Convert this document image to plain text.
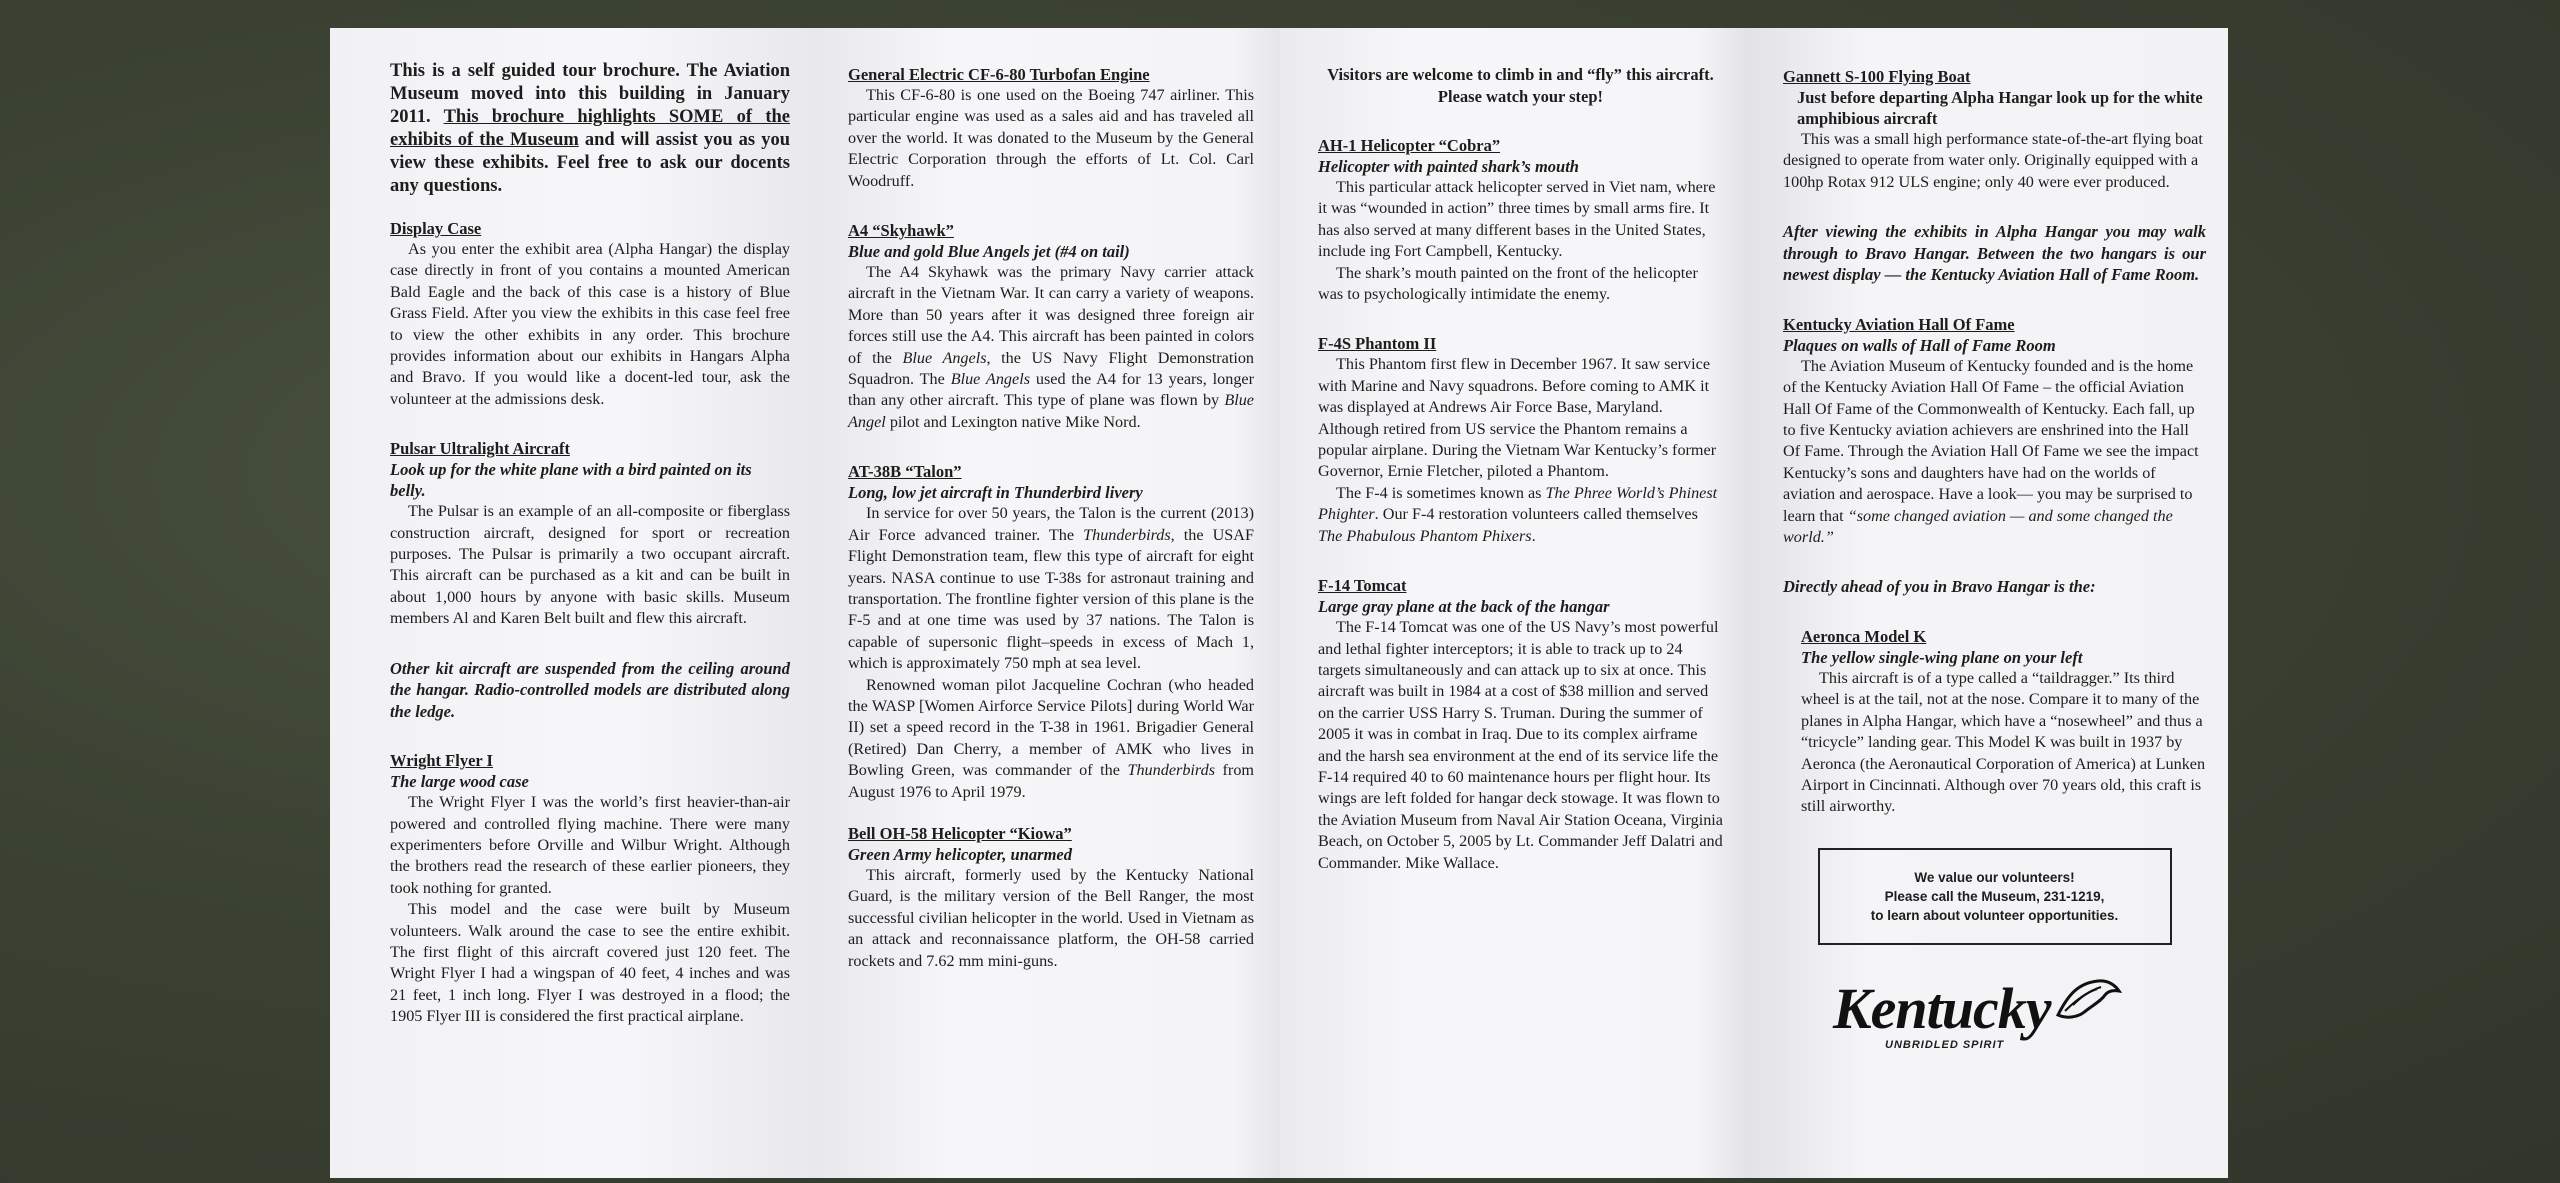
This is a self guided tour brochure. The Aviation Museum moved into this building in January 2011. This brochure highlights SOME of the exhibits of the Museum and will assist you as you view these exhibits. Feel free to ask our docents any questions.

Display Case

As you enter the exhibit area (Alpha Hangar) the display case directly in front of you contains a mounted American Bald Eagle and the back of this case is a history of Blue Grass Field. After you view the exhibits in this case feel free to view the other exhibits in any order. This brochure provides information about our exhibits in Hangars Alpha and Bravo. If you would like a docent-led tour, ask the volunteer at the admissions desk.

Pulsar Ultralight Aircraft

Look up for the white plane with a bird painted on its belly.

The Pulsar is an example of an all-composite or fiberglass construction aircraft, designed for sport or recreation purposes. The Pulsar is primarily a two occupant aircraft. This aircraft can be purchased as a kit and can be built in about 1,000 hours by anyone with basic skills. Museum members Al and Karen Belt built and flew this aircraft.

Other kit aircraft are suspended from the ceiling around the hangar. Radio-controlled models are distributed along the ledge.

Wright Flyer I

The large wood case

The Wright Flyer I was the world’s first heavier-than-air powered and controlled flying machine. There were many experimenters before Orville and Wilbur Wright. Although the brothers read the research of these earlier pioneers, they took nothing for granted.

This model and the case were built by Museum volunteers. Walk around the case to see the entire exhibit. The first flight of this aircraft covered just 120 feet. The Wright Flyer I had a wingspan of 40 feet, 4 inches and was 21 feet, 1 inch long. Flyer I was destroyed in a flood; the 1905 Flyer III is considered the first practical airplane.

General Electric CF-6-80 Turbofan Engine

This CF-6-80 is one used on the Boeing 747 airliner. This particular engine was used as a sales aid and has traveled all over the world. It was donated to the Museum by the General Electric Corporation through the efforts of Lt. Col. Carl Woodruff.

A4 “Skyhawk”

Blue and gold Blue Angels jet (#4 on tail)

The A4 Skyhawk was the primary Navy carrier attack aircraft in the Vietnam War. It can carry a variety of weapons. More than 50 years after it was designed three foreign air forces still use the A4. This aircraft has been painted in colors of the Blue Angels, the US Navy Flight Demonstration Squadron. The Blue Angels used the A4 for 13 years, longer than any other aircraft. This type of plane was flown by Blue Angel pilot and Lexington native Mike Nord.

AT-38B “Talon”

Long, low jet aircraft in Thunderbird livery

In service for over 50 years, the Talon is the current (2013) Air Force advanced trainer. The Thunderbirds, the USAF Flight Demonstration team, flew this type of aircraft for eight years. NASA continue to use T-38s for astronaut training and transportation. The frontline fighter version of this plane is the F-5 and at one time was used by 37 nations. The Talon is capable of supersonic flight–speeds in excess of Mach 1, which is approximately 750 mph at sea level.

Renowned woman pilot Jacqueline Cochran (who headed the WASP [Women Airforce Service Pilots] during World War II) set a speed record in the T-38 in 1961. Brigadier General (Retired) Dan Cherry, a member of AMK who lives in Bowling Green, was commander of the Thunderbirds from August 1976 to April 1979.

Bell OH-58 Helicopter “Kiowa”

Green Army helicopter, unarmed

This aircraft, formerly used by the Kentucky National Guard, is the military version of the Bell Ranger, the most successful civilian helicopter in the world. Used in Vietnam as an attack and reconnaissance platform, the OH-58 carried rockets and 7.62 mm mini-guns.

Visitors are welcome to climb in and “fly” this aircraft. Please watch your step!

AH-1 Helicopter “Cobra”

Helicopter with painted shark’s mouth

This particular attack helicopter served in Viet nam, where it was “wounded in action” three times by small arms fire. It has also served at many different bases in the United States, include ing Fort Campbell, Kentucky.

The shark’s mouth painted on the front of the helicopter was to psychologically intimidate the enemy.

F-4S Phantom II

This Phantom first flew in December 1967. It saw service with Marine and Navy squadrons. Before coming to AMK it was displayed at Andrews Air Force Base, Maryland. Although retired from US service the Phantom remains a popular airplane. During the Vietnam War Kentucky’s former Governor, Ernie Fletcher, piloted a Phantom.

The F-4 is sometimes known as The Phree World’s Phinest Phighter. Our F-4 restoration volunteers called themselves The Phabulous Phantom Phixers.

F-14 Tomcat

Large gray plane at the back of the hangar

The F-14 Tomcat was one of the US Navy’s most powerful and lethal fighter interceptors; it is able to track up to 24 targets simultaneously and can attack up to six at once. This aircraft was built in 1984 at a cost of $38 million and served on the carrier USS Harry S. Truman. During the summer of 2005 it was in combat in Iraq. Due to its complex airframe and the harsh sea environment at the end of its service life the F-14 required 40 to 60 maintenance hours per flight hour. Its wings are left folded for hangar deck stowage. It was flown to the Aviation Museum from Naval Air Station Oceana, Virginia Beach, on October 5, 2005 by Lt. Commander Jeff Dalatri and Commander. Mike Wallace.

Gannett S-100 Flying Boat

Just before departing Alpha Hangar look up for the white amphibious aircraft

This was a small high performance state-of-the-art flying boat designed to operate from water only. Originally equipped with a 100hp Rotax 912 ULS engine; only 40 were ever produced.

After viewing the exhibits in Alpha Hangar you may walk through to Bravo Hangar. Between the two hangars is our newest display — the Kentucky Aviation Hall of Fame Room.

Kentucky Aviation Hall Of Fame

Plaques on walls of Hall of Fame Room

The Aviation Museum of Kentucky founded and is the home of the Kentucky Aviation Hall Of Fame – the official Aviation Hall Of Fame of the Commonwealth of Kentucky. Each fall, up to five Kentucky aviation achievers are enshrined into the Hall Of Fame. Through the Aviation Hall Of Fame we see the impact Kentucky’s sons and daughters have had on the worlds of aviation and aerospace. Have a look— you may be surprised to learn that “some changed aviation — and some changed the world.”

Directly ahead of you in Bravo Hangar is the:

Aeronca Model K

The yellow single-wing plane on your left

This aircraft is of a type called a “taildragger.” Its third wheel is at the tail, not at the nose. Compare it to many of the planes in Alpha Hangar, which have a “nosewheel” and thus a “tricycle” landing gear. This Model K was built in 1937 by Aeronca (the Aeronautical Corporation of America) at Lunken Airport in Cincinnati. Although over 70 years old, this craft is still airworthy.

We value our volunteers!
Please call the Museum, 231-1219,
to learn about volunteer opportunities.
Kentucky
UNBRIDLED SPIRIT
